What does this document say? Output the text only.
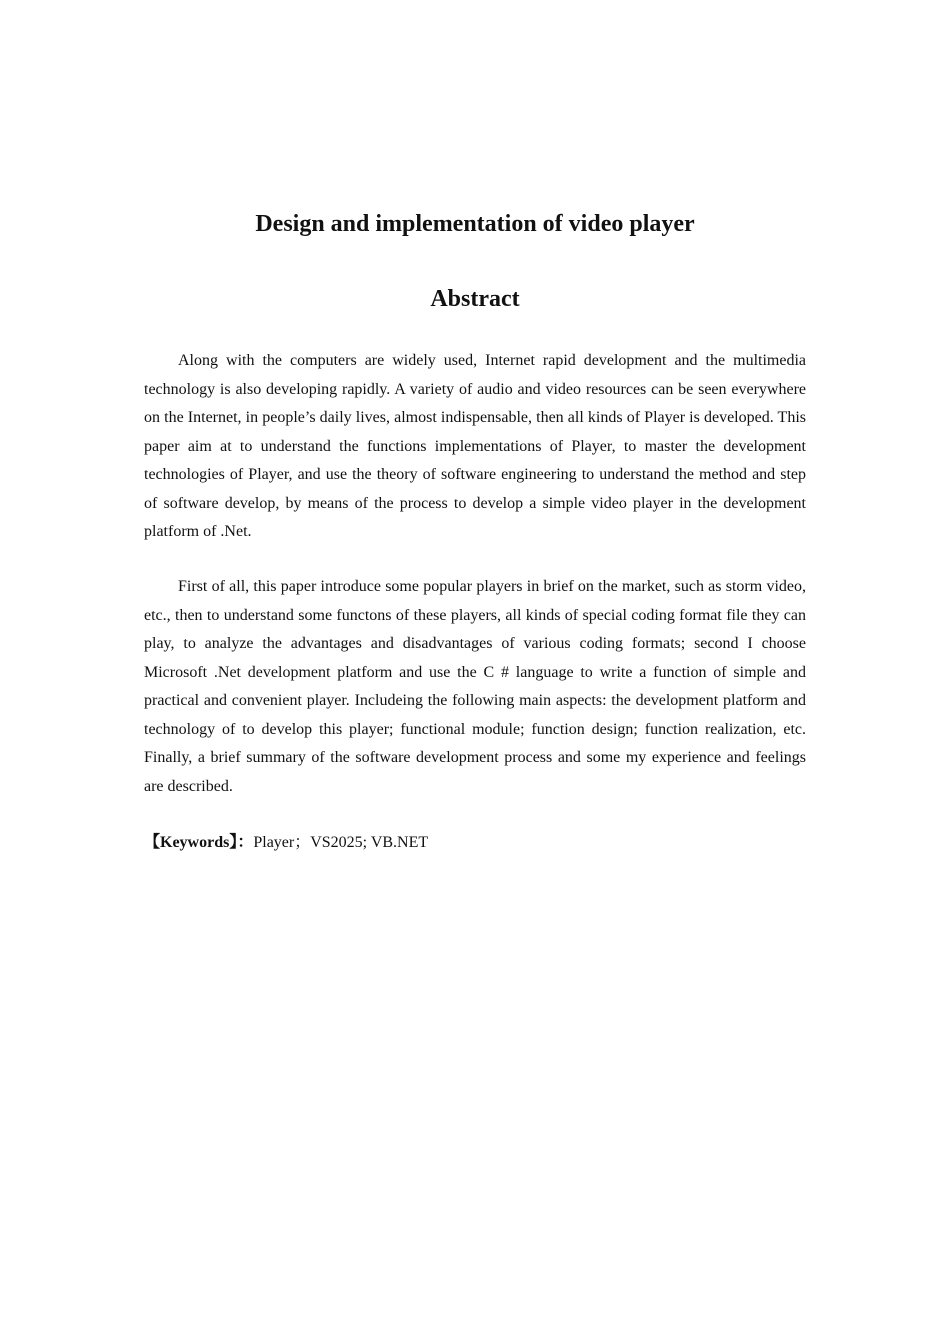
Design and implementation of video player
Abstract

Along with the computers are widely used, Internet rapid development and the multimedia technology is also developing rapidly. A variety of audio and video resources can be seen everywhere on the Internet, in people’s daily lives, almost indispensable, then all kinds of Player is developed. This paper aim at to understand the functions implementations of Player, to master the development technologies of Player, and use the theory of software engineering to understand the method and step of software develop, by means of the process to develop a simple video player in the development platform of .Net.

First of all, this paper introduce some popular players in brief on the market, such as storm video, etc., then to understand some functons of these players, all kinds of special coding format file they can play, to analyze the advantages and disadvantages of various coding formats; second I choose Microsoft .Net development platform and use the C # language to write a function of simple and practical and convenient player. Includeing the following main aspects: the development platform and technology of to develop this player; functional module; function design; function realization, etc. Finally, a brief summary of the software development process and some my experience and feelings are described.

【Keywords】：Player；VS2025; VB.NET
